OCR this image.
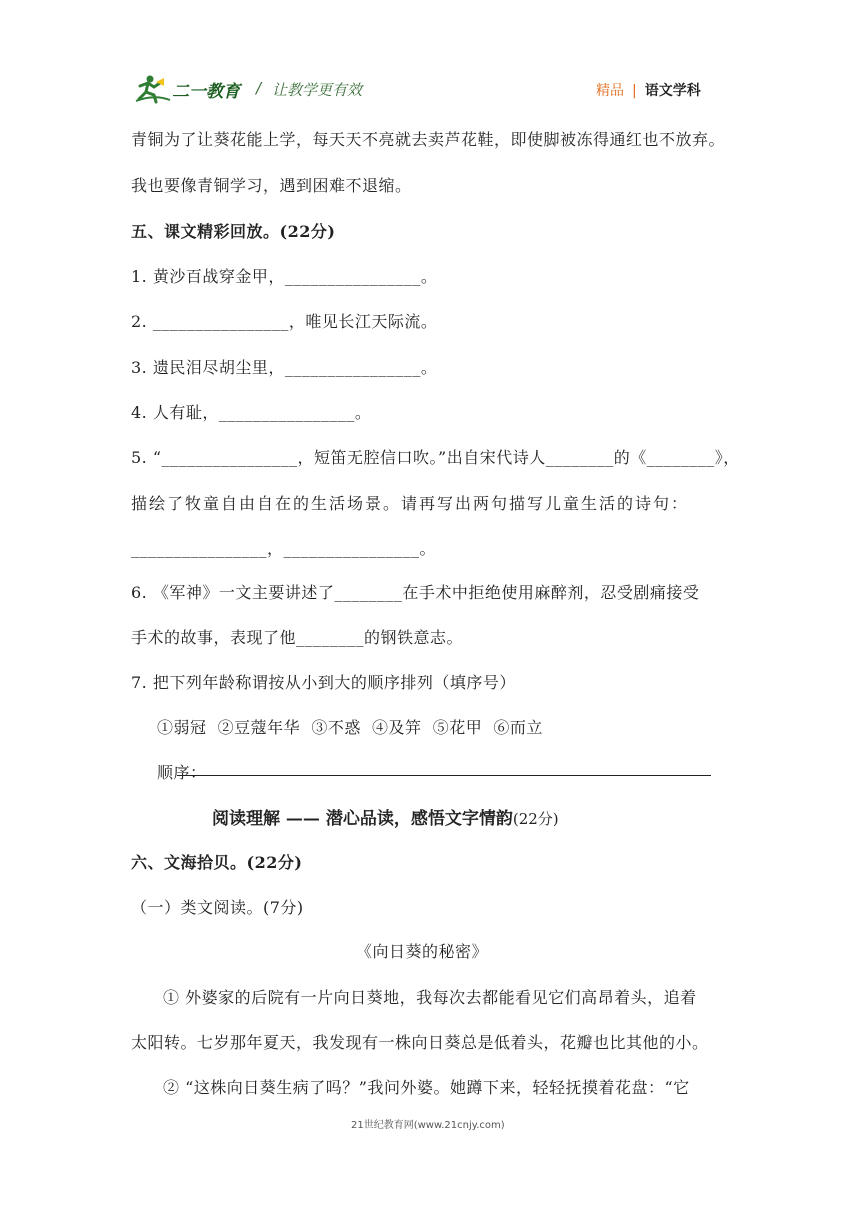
二一教育 / 让教学更有效	精品 | 语文学科
青铜为了让葵花能上学，每天天不亮就去卖芦花鞋，即使脚被冻得通红也不放弃。
我也要像青铜学习，遇到困难不退缩。
五、课文精彩回放。(22分)
1. 黄沙百战穿金甲，________________。
2. ________________，唯见长江天际流。
3. 遗民泪尽胡尘里，________________。
4. 人有耻，________________。
5. “________________，短笛无腔信口吹。”出自宋代诗人________的《________》，
描绘了牧童自由自在的生活场景。请再写出两句描写儿童生活的诗句：
________________，________________。
6. 《军神》一文主要讲述了________在手术中拒绝使用麻醉剂，忍受剧痛接受
手术的故事，表现了他________的钢铁意志。
7. 把下列年龄称谓按从小到大的顺序排列（填序号）
①弱冠  ②豆蔻年华  ③不惑  ④及笄  ⑤花甲  ⑥而立
顺序：
阅读理解 —— 潜心品读，感悟文字情韵(22分)
六、文海拾贝。(22分)
（一）类文阅读。(7分)
《向日葵的秘密》
① 外婆家的后院有一片向日葵地，我每次去都能看见它们高昂着头，追着
太阳转。七岁那年夏天，我发现有一株向日葵总是低着头，花瓣也比其他的小。
② “这株向日葵生病了吗？”我问外婆。她蹲下来，轻轻抚摸着花盘：“它
21世纪教育网(www.21cnjy.com)
